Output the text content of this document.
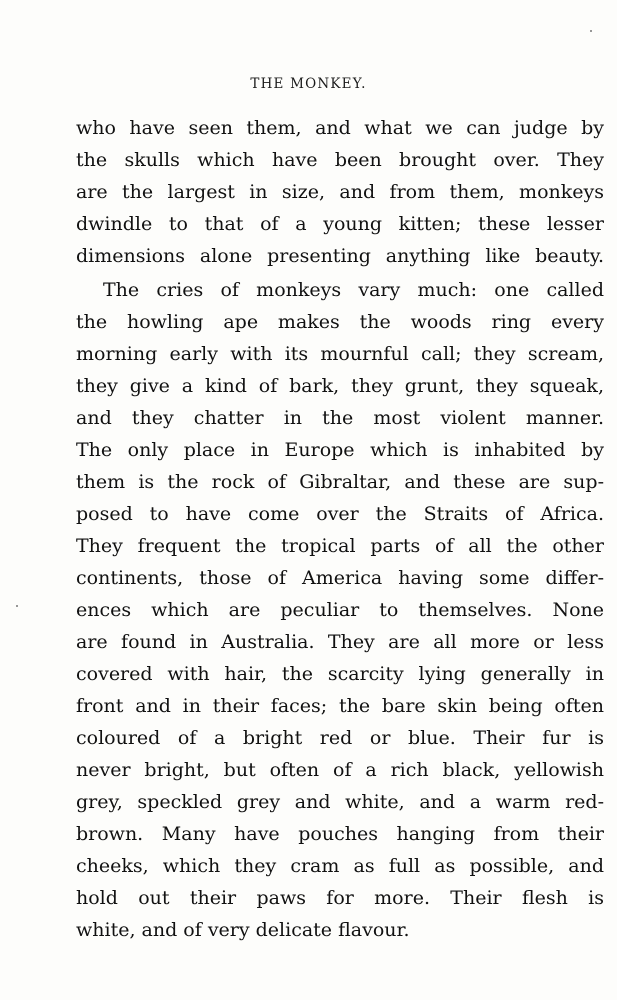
THE MONKEY.
who have seen them, and what we can judge by
the skulls which have been brought over. They
are the largest in size, and from them, monkeys
dwindle to that of a young kitten; these lesser
dimensions alone presenting anything like beauty.
The cries of monkeys vary much: one called
the howling ape makes the woods ring every
morning early with its mournful call; they scream,
they give a kind of bark, they grunt, they squeak,
and they chatter in the most violent manner.
The only place in Europe which is inhabited by
them is the rock of Gibraltar, and these are sup-
posed to have come over the Straits of Africa.
They frequent the tropical parts of all the other
continents, those of America having some differ-
ences which are peculiar to themselves. None
are found in Australia. They are all more or less
covered with hair, the scarcity lying generally in
front and in their faces; the bare skin being often
coloured of a bright red or blue. Their fur is
never bright, but often of a rich black, yellowish
grey, speckled grey and white, and a warm red-
brown. Many have pouches hanging from their
cheeks, which they cram as full as possible, and
hold out their paws for more. Their flesh is
white, and of very delicate flavour.
